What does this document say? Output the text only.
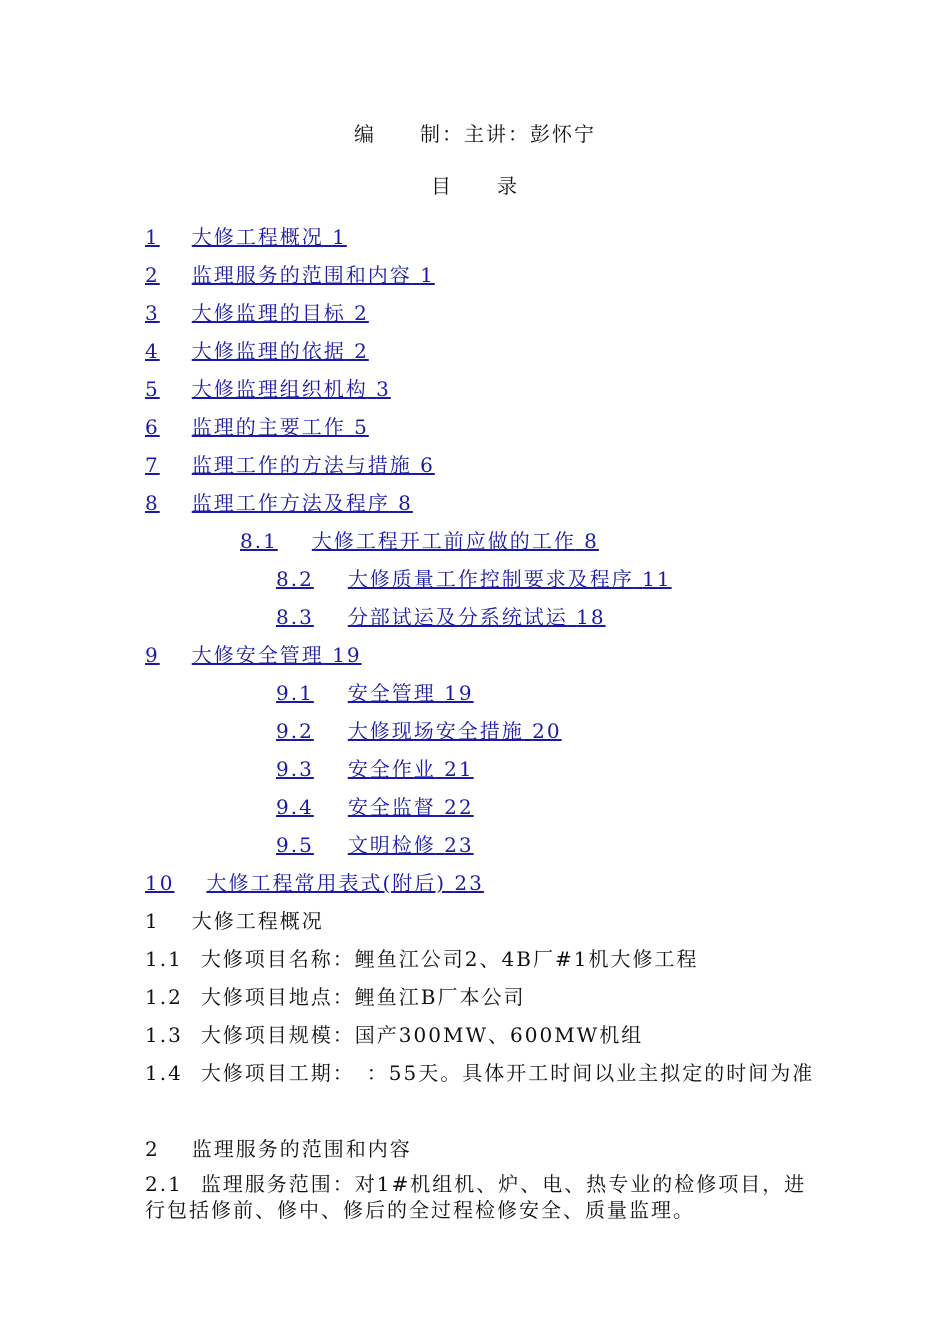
编　　制：主讲：彭怀宁
目　　录
1 大修工程概况 1
2 监理服务的范围和内容 1
3 大修监理的目标 2
4 大修监理的依据 2
5 大修监理组织机构 3
6 监理的主要工作 5
7 监理工作的方法与措施 6
8 监理工作方法及程序 8
8.1 大修工程开工前应做的工作 8
8.2 大修质量工作控制要求及程序 11
8.3 分部试运及分系统试运 18
9 大修安全管理 19
9.1 安全管理 19
9.2 大修现场安全措施 20
9.3 安全作业 21
9.4 安全监督 22
9.5 文明检修 23
10 大修工程常用表式(附后) 23
1 大修工程概况
1.1 大修项目名称：鲤鱼江公司2、4B厂#1机大修工程
1.2 大修项目地点：鲤鱼江B厂本公司
1.3 大修项目规模：国产300MW、600MW机组
1.4 大修项目工期：　：55天。具体开工时间以业主拟定的时间为准
2 监理服务的范围和内容
2.1 监理服务范围：对1#机组机、炉、电、热专业的检修项目，进行包括修前、修中、修后的全过程检修安全、质量监理。
